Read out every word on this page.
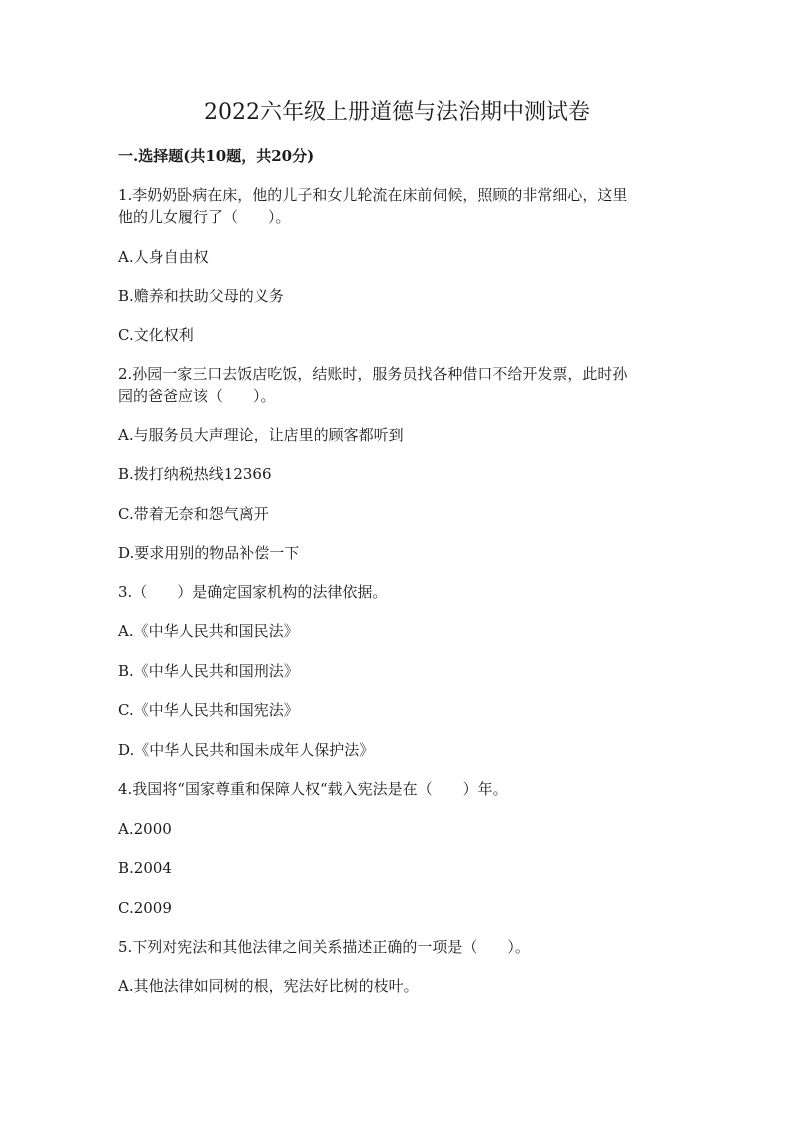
2022六年级上册道德与法治期中测试卷

一.选择题(共10题，共20分)

1.李奶奶卧病在床，他的儿子和女儿轮流在床前伺候，照顾的非常细心，这里

他的儿女履行了（　　）。

A.人身自由权

B.赡养和扶助父母的义务

C.文化权利

2.孙园一家三口去饭店吃饭，结账时，服务员找各种借口不给开发票，此时孙

园的爸爸应该（　　）。

A.与服务员大声理论，让店里的顾客都听到

B.拨打纳税热线12366

C.带着无奈和怨气离开

D.要求用别的物品补偿一下

3.（　　）是确定国家机构的法律依据。

A.《中华人民共和国民法》

B.《中华人民共和国刑法》

C.《中华人民共和国宪法》

D.《中华人民共和国未成年人保护法》

4.我国将“国家尊重和保障人权“载入宪法是在（　　）年。

A.2000

B.2004

C.2009

5.下列对宪法和其他法律之间关系描述正确的一项是（　　）。

A.其他法律如同树的根，宪法好比树的枝叶。
